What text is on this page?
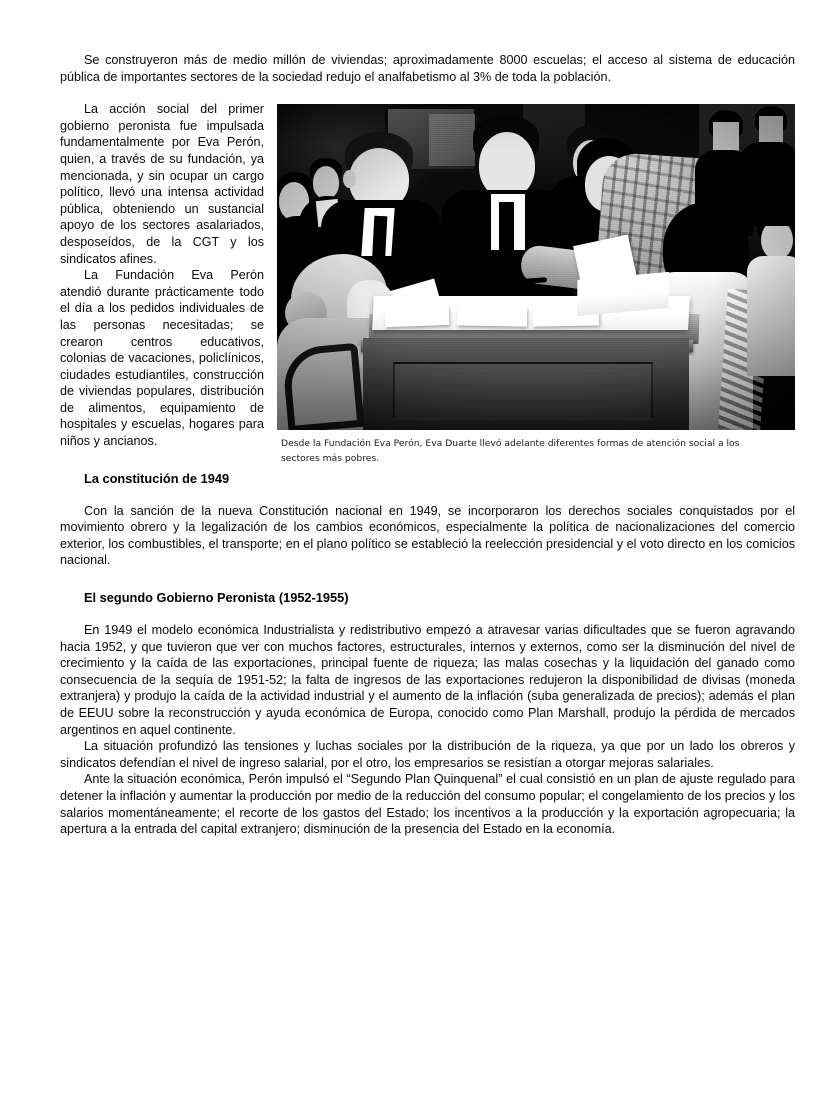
Se construyeron más de medio millón de viviendas; aproximadamente 8000 escuelas; el acceso al sistema de educación pública de importantes sectores de la sociedad redujo el analfabetismo al 3% de toda la población.

Desde la Fundación Eva Perón, Eva Duarte llevó adelante diferentes formas de atención social a los sectores más pobres.

La acción social del primer gobierno peronista fue impulsada fundamentalmente por Eva Perón, quien, a través de su fundación, ya mencionada, y sin ocupar un cargo político, llevó una intensa actividad pública, obteniendo un sustancial apoyo de los sectores asalariados, desposeídos, de la CGT y los sindicatos afines.

La Fundación Eva Perón atendió durante prácticamente todo el día a los pedidos individuales de las personas necesitadas; se crearon centros educativos, colonias de vacaciones, policlínicos, ciudades estudiantiles, construcción de viviendas populares, distribución de alimentos, equipamiento de hospitales y escuelas, hogares para niños y ancianos.

La constitución de 1949

Con la sanción de la nueva Constitución nacional en 1949, se incorporaron los derechos sociales conquistados por el movimiento obrero y la legalización de los cambios económicos, especialmente la política de nacionalizaciones del comercio exterior, los combustibles, el transporte; en el plano político se estableció la reelección presidencial y el voto directo en los comicios nacional.

El segundo Gobierno Peronista (1952-1955)

En 1949 el modelo económica Industrialista y redistributivo empezó a atravesar varias dificultades que se fueron agravando hacia 1952, y que tuvieron que ver con muchos factores, estructurales, internos y externos, como ser la disminución del nivel de crecimiento y la caída de las exportaciones, principal fuente de riqueza; las malas cosechas y la liquidación del ganado como consecuencia de la sequía de 1951-52; la falta de ingresos de las exportaciones redujeron la disponibilidad de divisas (moneda extranjera) y produjo la caída de la actividad industrial y el aumento de la inflación (suba generalizada de precios); además el plan de EEUU sobre la reconstrucción y ayuda económica de Europa, conocido como Plan Marshall, produjo la pérdida de mercados argentinos en aquel continente.

La situación profundizó las tensiones y luchas sociales por la distribución de la riqueza, ya que por un lado los obreros y sindicatos defendían el nivel de ingreso salarial, por el otro, los empresarios se resistían a otorgar mejoras salariales.

Ante la situación económica, Perón impulsó el “Segundo Plan Quinquenal” el cual consistió en un plan de ajuste regulado para detener la inflación y aumentar la producción por medio de la reducción del consumo popular; el congelamiento de los precios y los salarios momentáneamente; el recorte de los gastos del Estado; los incentivos a la producción y la exportación agropecuaria; la apertura a la entrada del capital extranjero; disminución de la presencia del Estado en la economía.
